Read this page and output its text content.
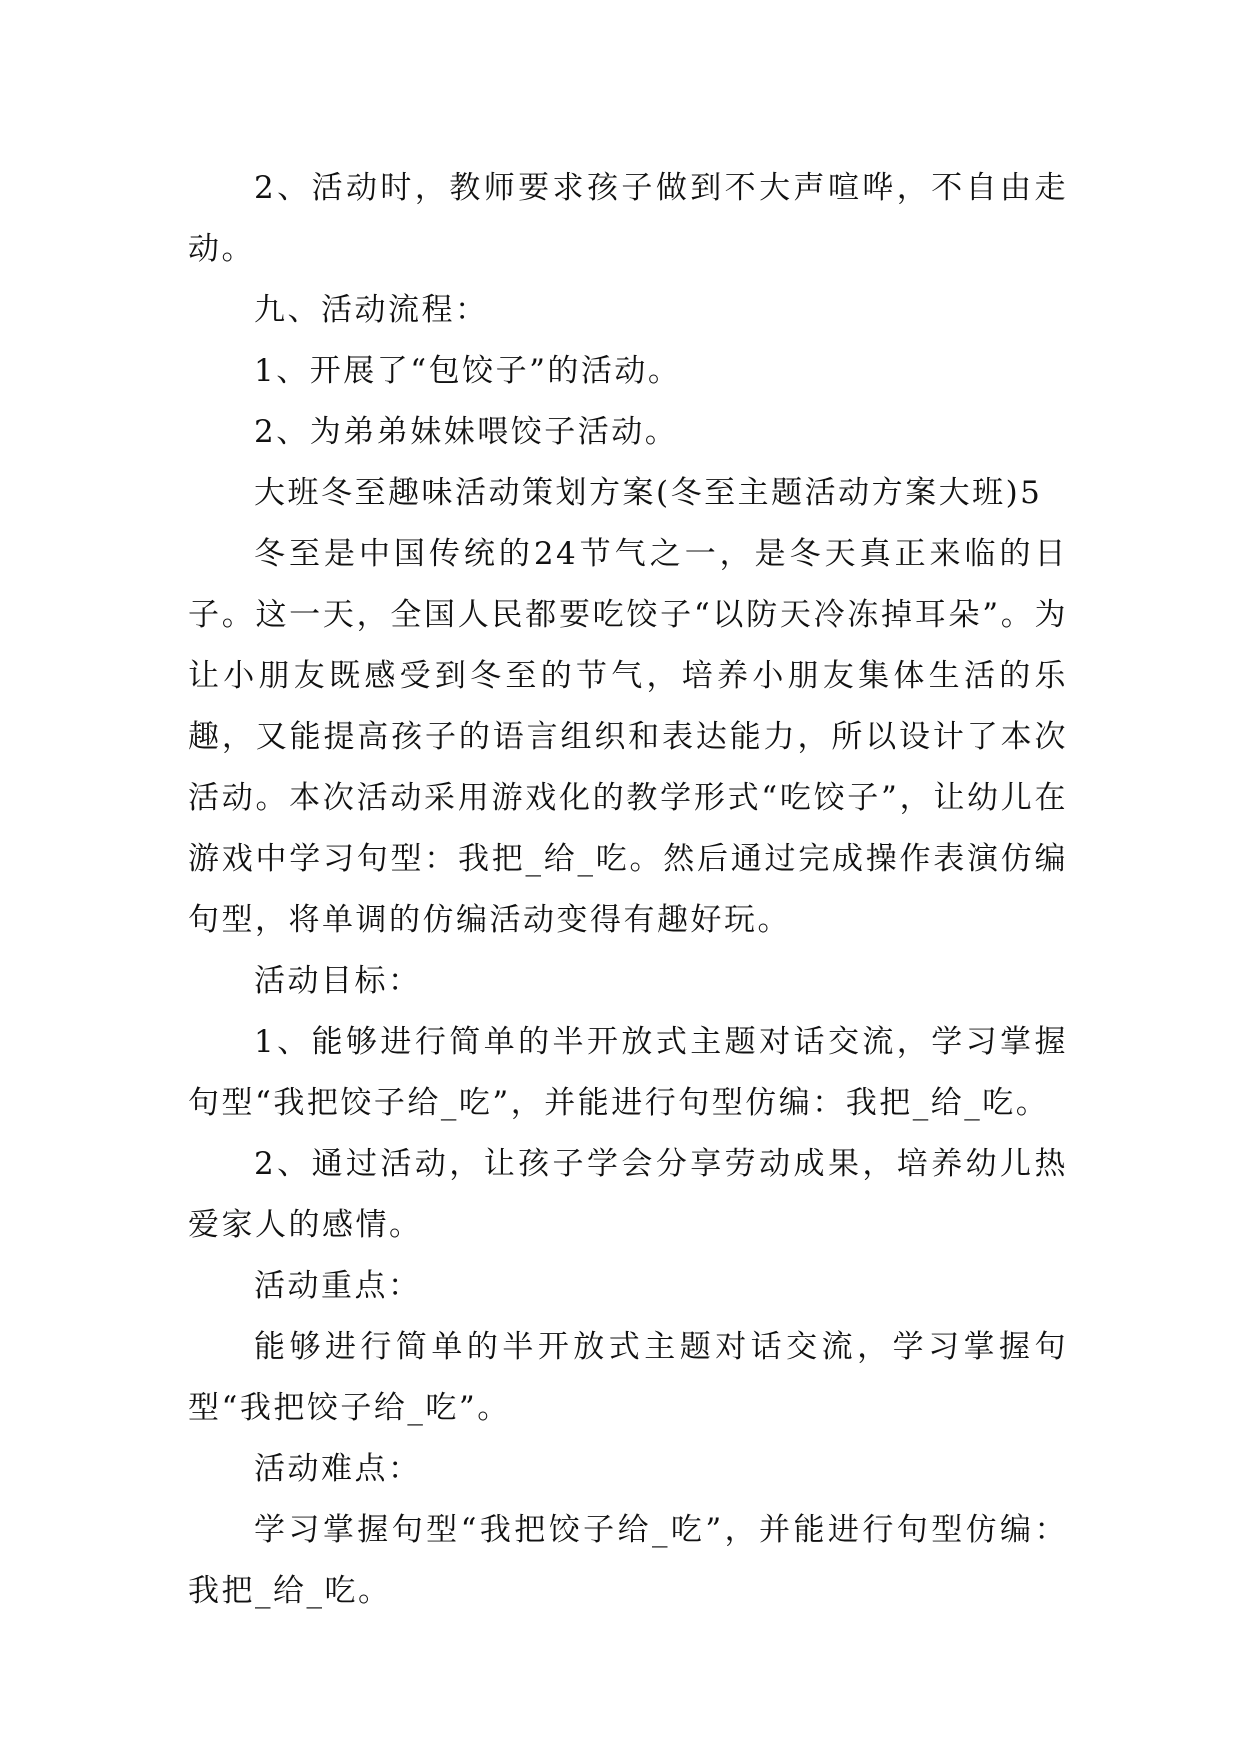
2、活动时，教师要求孩子做到不大声喧哗，不自由走动。

九、活动流程：

1、开展了“包饺子”的活动。

2、为弟弟妹妹喂饺子活动。

大班冬至趣味活动策划方案(冬至主题活动方案大班)5

冬至是中国传统的24节气之一，是冬天真正来临的日子。这一天，全国人民都要吃饺子“以防天冷冻掉耳朵”。为让小朋友既感受到冬至的节气，培养小朋友集体生活的乐趣，又能提高孩子的语言组织和表达能力，所以设计了本次活动。本次活动采用游戏化的教学形式“吃饺子”，让幼儿在游戏中学习句型：我把_给_吃。然后通过完成操作表演仿编句型，将单调的仿编活动变得有趣好玩。

活动目标：

1、能够进行简单的半开放式主题对话交流，学习掌握句型“我把饺子给_吃”，并能进行句型仿编：我把_给_吃。

2、通过活动，让孩子学会分享劳动成果，培养幼儿热爱家人的感情。

活动重点：

能够进行简单的半开放式主题对话交流，学习掌握句型“我把饺子给_吃”。

活动难点：

学习掌握句型“我把饺子给_吃”，并能进行句型仿编：我把_给_吃。
